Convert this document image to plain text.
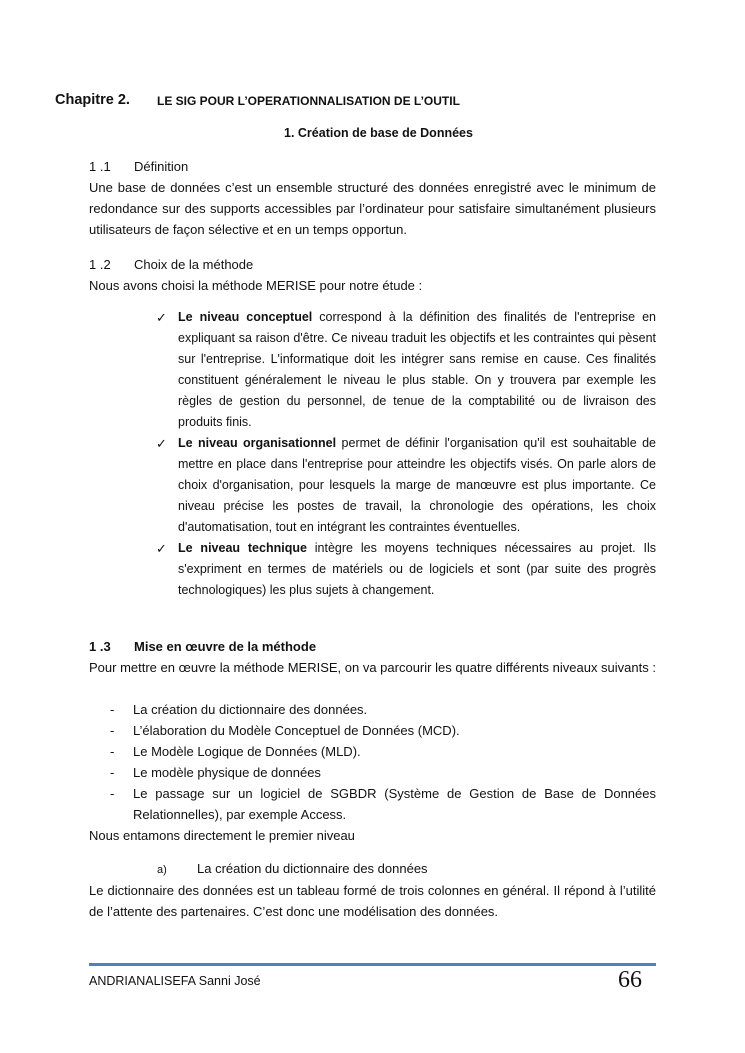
Chapitre 2. LE SIG POUR L’OPERATIONNALISATION DE L’OUTIL
1. Création de base de Données
1 .1 Définition
Une base de données c’est un ensemble structuré des données enregistré avec le minimum de redondance sur des supports accessibles par l’ordinateur pour satisfaire simultanément plusieurs utilisateurs de façon sélective et en un temps opportun.
1 .2 Choix de la méthode
Nous avons choisi la méthode MERISE pour notre étude :
✓ Le niveau conceptuel correspond à la définition des finalités de l'entreprise en expliquant sa raison d'être. Ce niveau traduit les objectifs et les contraintes qui pèsent sur l'entreprise. L'informatique doit les intégrer sans remise en cause. Ces finalités constituent généralement le niveau le plus stable. On y trouvera par exemple les règles de gestion du personnel, de tenue de la comptabilité ou de livraison des produits finis.
✓ Le niveau organisationnel permet de définir l'organisation qu'il est souhaitable de mettre en place dans l'entreprise pour atteindre les objectifs visés. On parle alors de choix d'organisation, pour lesquels la marge de manœuvre est plus importante. Ce niveau précise les postes de travail, la chronologie des opérations, les choix d'automatisation, tout en intégrant les contraintes éventuelles.
✓ Le niveau technique intègre les moyens techniques nécessaires au projet. Ils s'expriment en termes de matériels ou de logiciels et sont (par suite des progrès technologiques) les plus sujets à changement.
1 .3 Mise en œuvre de la méthode
Pour mettre en œuvre la méthode MERISE, on va parcourir les quatre différents niveaux suivants :
- La création du dictionnaire des données.
- L’élaboration du Modèle Conceptuel de Données (MCD).
- Le Modèle Logique de Données (MLD).
- Le modèle physique de données
- Le passage sur un logiciel de SGBDR (Système de Gestion de Base de Données Relationnelles), par exemple Access.
Nous entamons directement le premier niveau
a) La création du dictionnaire des données
Le dictionnaire des données est un tableau formé de trois colonnes en général. Il répond à l’utilité de l’attente des partenaires. C’est donc une modélisation des données.
ANDRIANALISEFA Sanni José	66
